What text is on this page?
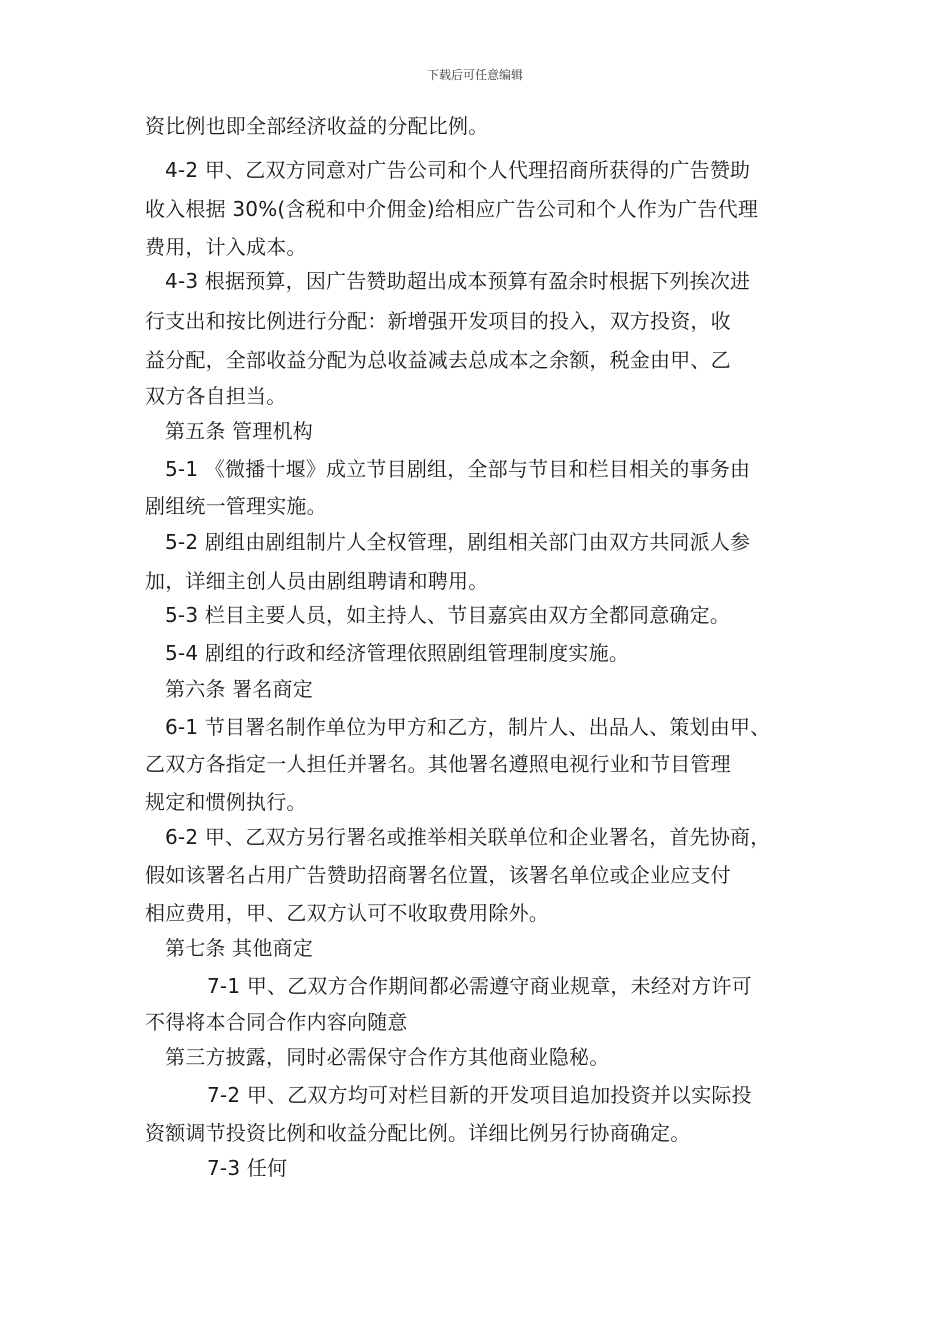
下载后可任意编辑
资比例也即全部经济收益的分配比例。
4-2 甲、乙双方同意对广告公司和个人代理招商所获得的广告赞助
收入根据 30%(含税和中介佣金)给相应广告公司和个人作为广告代理
费用，计入成本。
4-3 根据预算，因广告赞助超出成本预算有盈余时根据下列挨次进
行支出和按比例进行分配：新增强开发项目的投入，双方投资，收
益分配，全部收益分配为总收益减去总成本之余额，税金由甲、乙
双方各自担当。
第五条 管理机构
5-1 《微播十堰》成立节目剧组，全部与节目和栏目相关的事务由
剧组统一管理实施。
5-2 剧组由剧组制片人全权管理，剧组相关部门由双方共同派人参
加，详细主创人员由剧组聘请和聘用。
5-3 栏目主要人员，如主持人、节目嘉宾由双方全都同意确定。
5-4 剧组的行政和经济管理依照剧组管理制度实施。
第六条 署名商定
6-1 节目署名制作单位为甲方和乙方，制片人、出品人、策划由甲、
乙双方各指定一人担任并署名。其他署名遵照电视行业和节目管理
规定和惯例执行。
6-2 甲、乙双方另行署名或推举相关联单位和企业署名，首先协商，
假如该署名占用广告赞助招商署名位置，该署名单位或企业应支付
相应费用，甲、乙双方认可不收取费用除外。
第七条 其他商定
7-1 甲、乙双方合作期间都必需遵守商业规章，未经对方许可
不得将本合同合作内容向随意
第三方披露，同时必需保守合作方其他商业隐秘。
7-2 甲、乙双方均可对栏目新的开发项目追加投资并以实际投
资额调节投资比例和收益分配比例。详细比例另行协商确定。
7-3 任何
